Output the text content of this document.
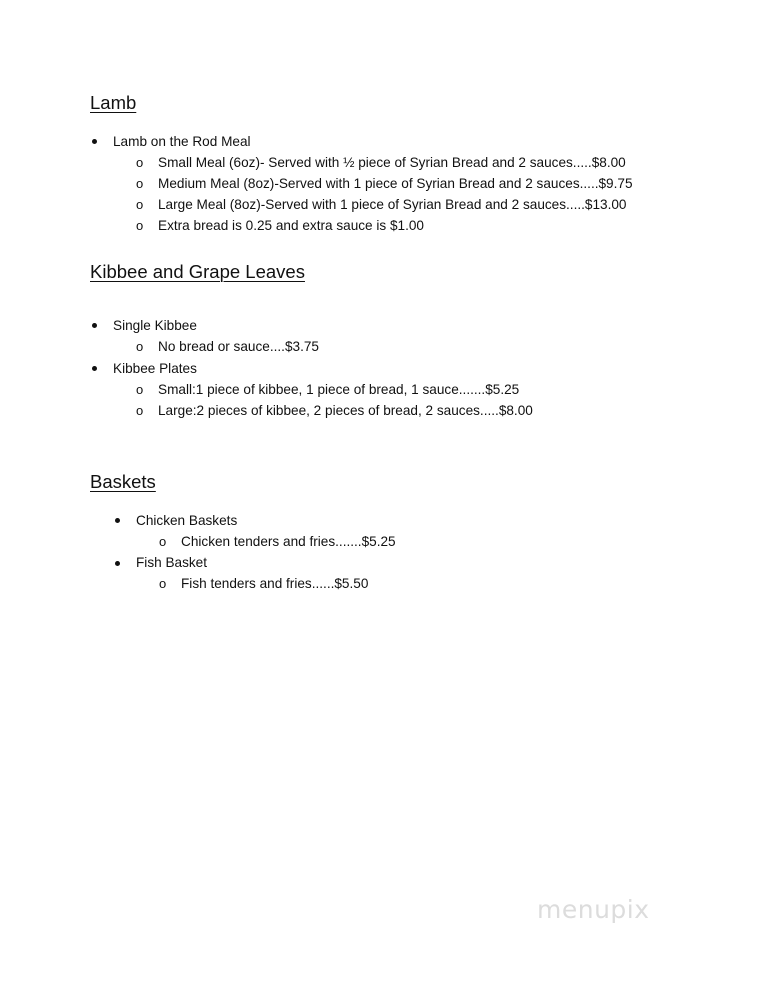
Lamb
Lamb on the Rod Meal
o Small Meal (6oz)- Served with ½ piece of Syrian Bread and 2 sauces.....$8.00
o Medium Meal (8oz)-Served with 1 piece of Syrian Bread and 2 sauces.....$9.75
o Large Meal (8oz)-Served with 1 piece of Syrian Bread and 2 sauces.....$13.00
o Extra bread is 0.25 and extra sauce is $1.00
Kibbee and Grape Leaves
Single Kibbee
o No bread or sauce....$3.75
Kibbee Plates
o Small:1 piece of kibbee, 1 piece of bread, 1 sauce.......$5.25
o Large:2 pieces of kibbee, 2 pieces of bread, 2 sauces.....$8.00
Baskets
Chicken Baskets
o Chicken tenders and fries.......$5.25
Fish Basket
o Fish tenders and fries......$5.50
menupix
